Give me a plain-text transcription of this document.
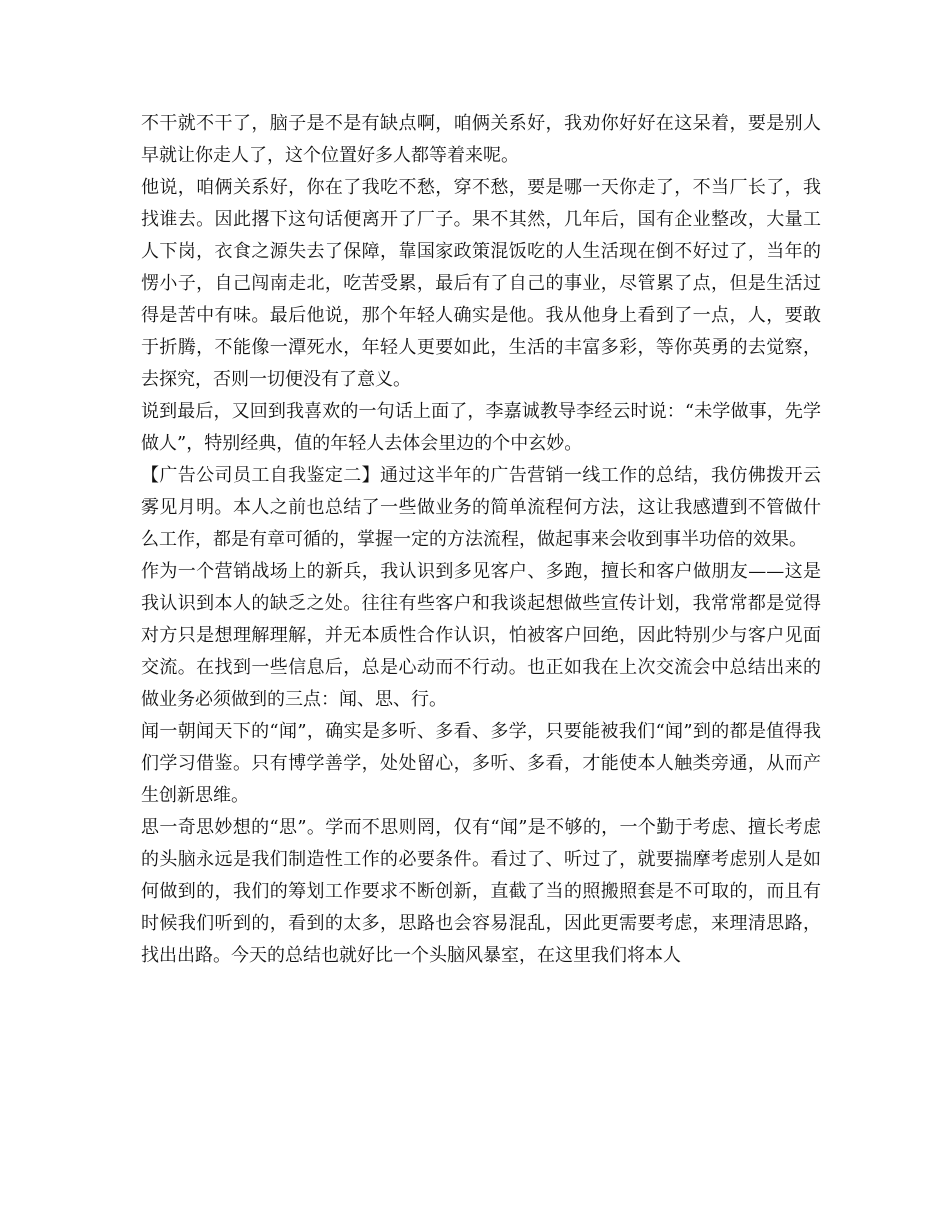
不干就不干了，脑子是不是有缺点啊，咱俩关系好，我劝你好好在这呆着，要是别人早就让你走人了，这个位置好多人都等着来呢。

他说，咱俩关系好，你在了我吃不愁，穿不愁，要是哪一天你走了，不当厂长了，我找谁去。因此撂下这句话便离开了厂子。果不其然，几年后，国有企业整改，大量工人下岗，衣食之源失去了保障，靠国家政策混饭吃的人生活现在倒不好过了，当年的愣小子，自己闯南走北，吃苦受累，最后有了自己的事业，尽管累了点，但是生活过得是苦中有味。最后他说，那个年轻人确实是他。我从他身上看到了一点，人，要敢于折腾，不能像一潭死水，年轻人更要如此，生活的丰富多彩，等你英勇的去觉察，去探究，否则一切便没有了意义。

说到最后，又回到我喜欢的一句话上面了，李嘉诚教导李经云时说：“未学做事，先学做人”，特别经典，值的年轻人去体会里边的个中玄妙。

【广告公司员工自我鉴定二】通过这半年的广告营销一线工作的总结，我仿佛拨开云雾见月明。本人之前也总结了一些做业务的简单流程何方法，这让我感遭到不管做什么工作，都是有章可循的，掌握一定的方法流程，做起事来会收到事半功倍的效果。

作为一个营销战场上的新兵，我认识到多见客户、多跑，擅长和客户做朋友——这是我认识到本人的缺乏之处。往往有些客户和我谈起想做些宣传计划，我常常都是觉得对方只是想理解理解，并无本质性合作认识，怕被客户回绝，因此特别少与客户见面交流。在找到一些信息后，总是心动而不行动。也正如我在上次交流会中总结出来的做业务必须做到的三点：闻、思、行。

闻一朝闻天下的“闻”，确实是多听、多看、多学，只要能被我们“闻”到的都是值得我们学习借鉴。只有博学善学，处处留心，多听、多看，才能使本人触类旁通，从而产生创新思维。

思一奇思妙想的“思”。学而不思则罔，仅有“闻”是不够的，一个勤于考虑、擅长考虑的头脑永远是我们制造性工作的必要条件。看过了、听过了，就要揣摩考虑别人是如何做到的，我们的筹划工作要求不断创新，直截了当的照搬照套是不可取的，而且有时候我们听到的，看到的太多，思路也会容易混乱，因此更需要考虑，来理清思路，找出出路。今天的总结也就好比一个头脑风暴室，在这里我们将本人
